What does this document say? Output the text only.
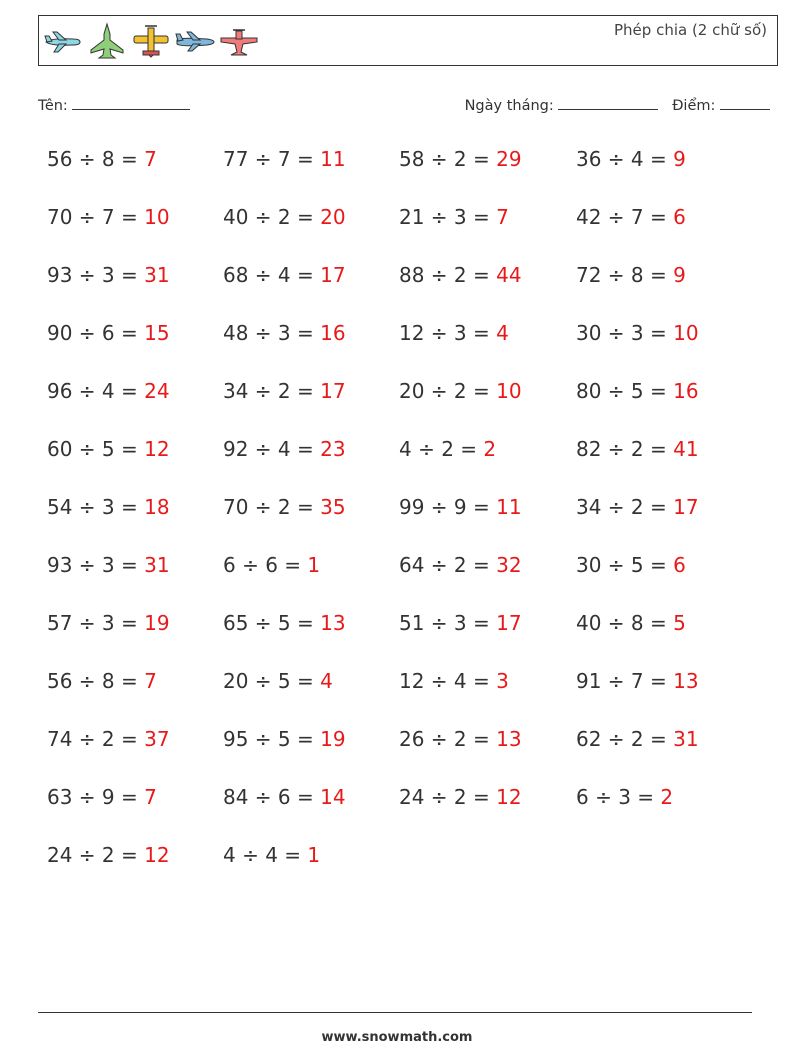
Phép chia (2 chữ số)
Tên:	Ngày tháng:	Điểm:
56 ÷ 8 = 7	77 ÷ 7 = 11	58 ÷ 2 = 29	36 ÷ 4 = 9
70 ÷ 7 = 10	40 ÷ 2 = 20	21 ÷ 3 = 7	42 ÷ 7 = 6
93 ÷ 3 = 31	68 ÷ 4 = 17	88 ÷ 2 = 44	72 ÷ 8 = 9
90 ÷ 6 = 15	48 ÷ 3 = 16	12 ÷ 3 = 4	30 ÷ 3 = 10
96 ÷ 4 = 24	34 ÷ 2 = 17	20 ÷ 2 = 10	80 ÷ 5 = 16
60 ÷ 5 = 12	92 ÷ 4 = 23	4 ÷ 2 = 2	82 ÷ 2 = 41
54 ÷ 3 = 18	70 ÷ 2 = 35	99 ÷ 9 = 11	34 ÷ 2 = 17
93 ÷ 3 = 31	6 ÷ 6 = 1	64 ÷ 2 = 32	30 ÷ 5 = 6
57 ÷ 3 = 19	65 ÷ 5 = 13	51 ÷ 3 = 17	40 ÷ 8 = 5
56 ÷ 8 = 7	20 ÷ 5 = 4	12 ÷ 4 = 3	91 ÷ 7 = 13
74 ÷ 2 = 37	95 ÷ 5 = 19	26 ÷ 2 = 13	62 ÷ 2 = 31
63 ÷ 9 = 7	84 ÷ 6 = 14	24 ÷ 2 = 12	6 ÷ 3 = 2
24 ÷ 2 = 12	4 ÷ 4 = 1
www.snowmath.com
